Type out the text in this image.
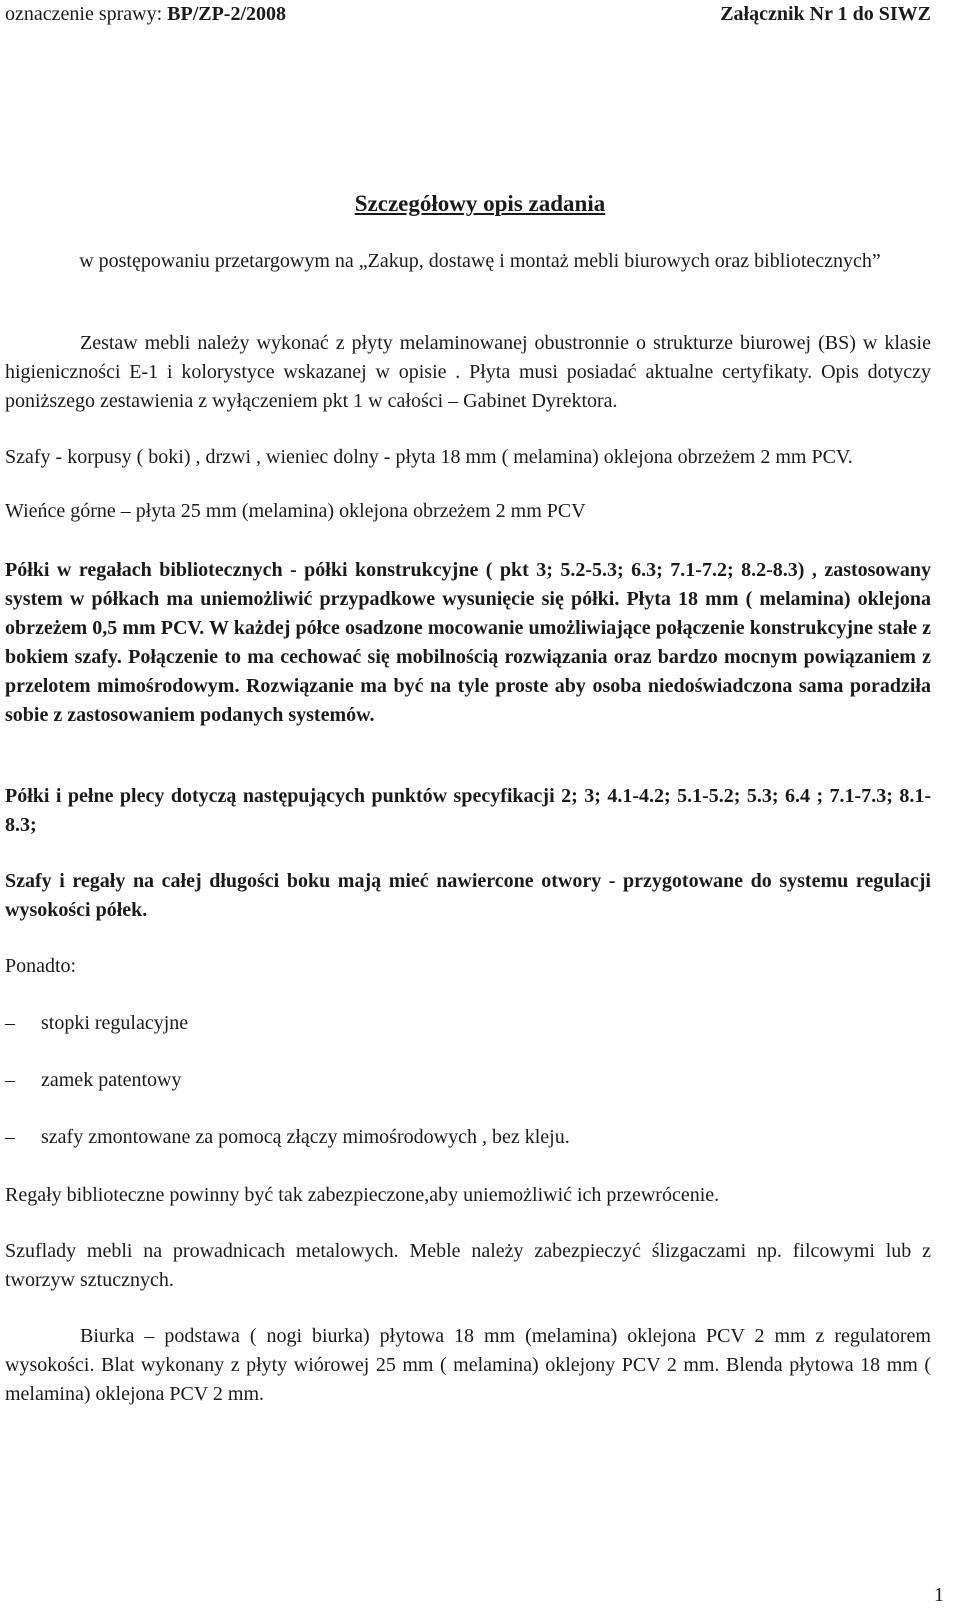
oznaczenie sprawy: BP/ZP-2/2008	Załącznik Nr 1 do SIWZ
Szczegółowy opis zadania
w postępowaniu przetargowym na „Zakup, dostawę i montaż mebli biurowych oraz bibliotecznych”
Zestaw mebli należy wykonać z płyty melaminowanej obustronnie o strukturze biurowej (BS) w klasie higieniczności E-1 i kolorystyce wskazanej w opisie . Płyta musi posiadać aktualne certyfikaty. Opis dotyczy poniższego zestawienia z wyłączeniem pkt 1 w całości – Gabinet Dyrektora.
Szafy - korpusy ( boki) , drzwi , wieniec dolny - płyta 18 mm ( melamina) oklejona obrzeżem 2 mm PCV.
Wieńce górne – płyta 25 mm (melamina) oklejona obrzeżem 2 mm PCV
Półki w regałach bibliotecznych - półki konstrukcyjne ( pkt 3; 5.2-5.3; 6.3; 7.1-7.2; 8.2-8.3) , zastosowany system w półkach ma uniemożliwić przypadkowe wysunięcie się półki. Płyta 18 mm ( melamina) oklejona obrzeżem 0,5 mm PCV. W każdej półce osadzone mocowanie umożliwiające połączenie konstrukcyjne stałe z bokiem szafy. Połączenie to ma cechować się mobilnością rozwiązania oraz bardzo mocnym powiązaniem z przelotem mimośrodowym. Rozwiązanie ma być na tyle proste aby osoba niedoświadczona sama poradziła sobie z zastosowaniem podanych systemów.
Półki i pełne plecy dotyczą następujących punktów specyfikacji 2; 3; 4.1-4.2; 5.1-5.2; 5.3; 6.4 ; 7.1-7.3; 8.1-8.3;
Szafy i regały na całej długości boku mają mieć nawiercone otwory - przygotowane do systemu regulacji wysokości półek.
Ponadto:
– stopki regulacyjne
– zamek patentowy
– szafy zmontowane za pomocą złączy mimośrodowych , bez kleju.
Regały biblioteczne powinny być tak zabezpieczone,aby uniemożliwić ich przewrócenie.
Szuflady mebli na prowadnicach metalowych. Meble należy zabezpieczyć ślizgaczami np. filcowymi lub z tworzyw sztucznych.
Biurka – podstawa ( nogi biurka) płytowa 18 mm (melamina) oklejona PCV 2 mm z regulatorem wysokości. Blat wykonany z płyty wiórowej 25 mm ( melamina) oklejony PCV 2 mm. Blenda płytowa 18 mm ( melamina) oklejona PCV 2 mm.
1
